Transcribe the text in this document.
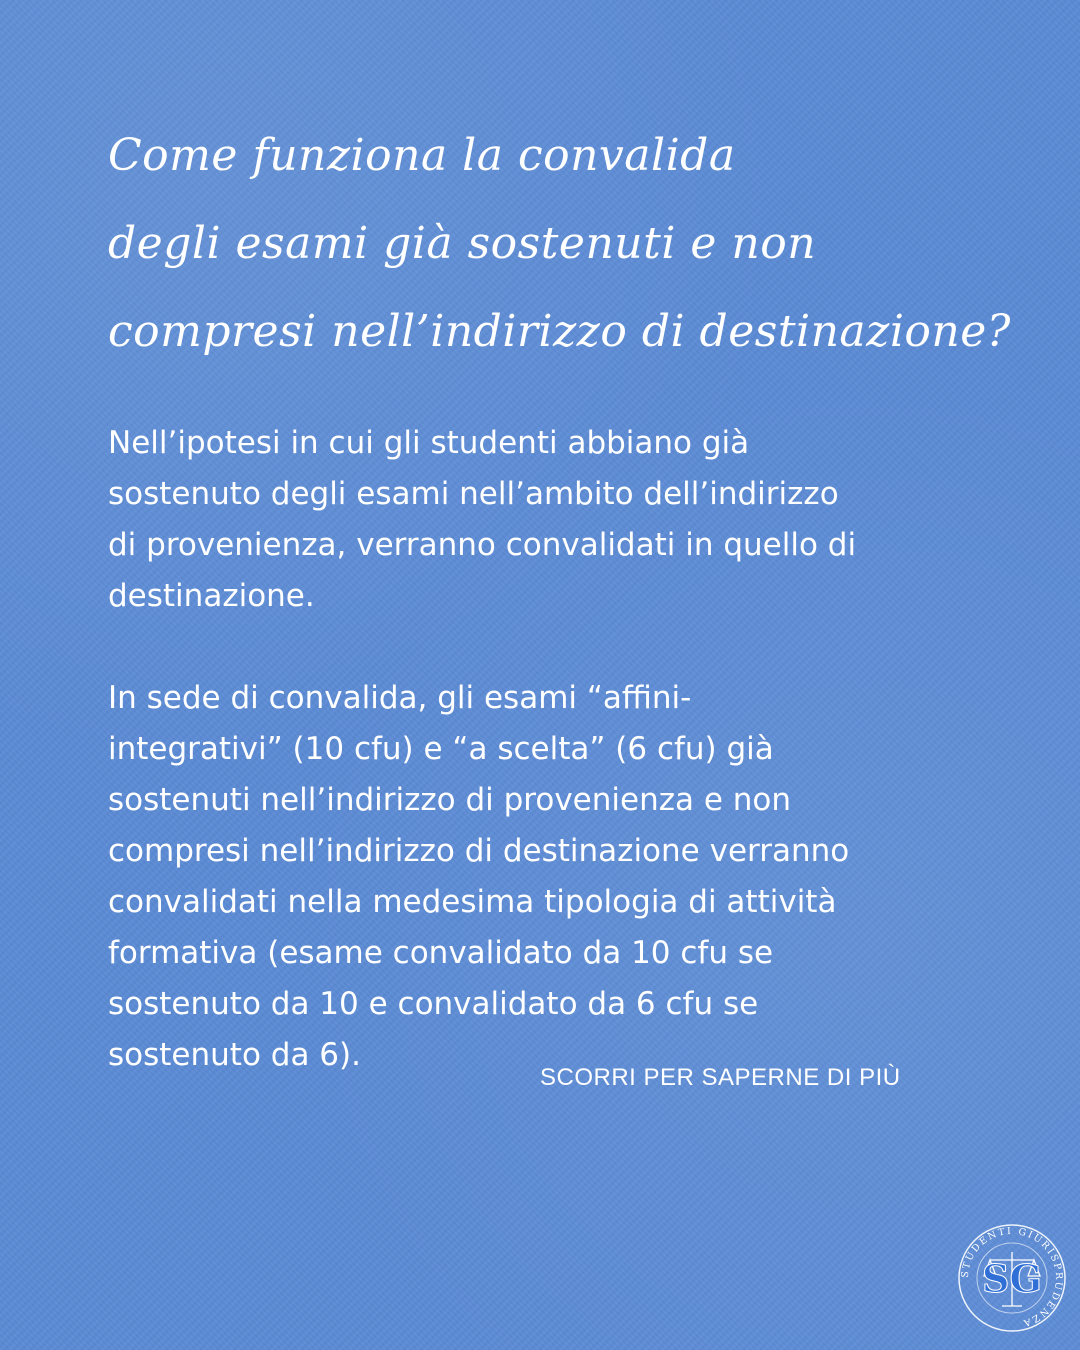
Come funziona la convalida
degli esami già sostenuti e non
compresi nell’indirizzo di destinazione?
Nell’ipotesi in cui gli studenti abbiano già
sostenuto degli esami nell’ambito dell’indirizzo
di provenienza, verranno convalidati in quello di
destinazione.
In sede di convalida, gli esami “affini-
integrativi” (10 cfu) e “a scelta” (6 cfu) già
sostenuti nell’indirizzo di provenienza e non
compresi nell’indirizzo di destinazione verranno
convalidati nella medesima tipologia di attività
formativa (esame convalidato da 10 cfu se
sostenuto da 10 e convalidato da 6 cfu se
sostenuto da 6).
SCORRI PER SAPERNE DI PIÙ
STUDENTI GIURISPRUDENZA
SG
